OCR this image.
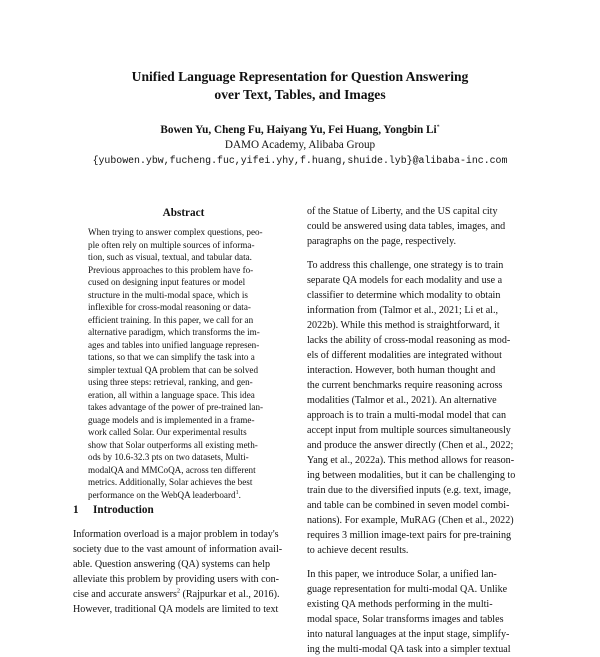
Unified Language Representation for Question Answering
over Text, Tables, and Images
Bowen Yu, Cheng Fu, Haiyang Yu, Fei Huang, Yongbin Li*
DAMO Academy, Alibaba Group
{yubowen.ybw,fucheng.fuc,yifei.yhy,f.huang,shuide.lyb}@alibaba-inc.com
Abstract
When trying to answer complex questions, peo-
ple often rely on multiple sources of informa-
tion, such as visual, textual, and tabular data.
Previous approaches to this problem have fo-
cused on designing input features or model
structure in the multi-modal space, which is
inflexible for cross-modal reasoning or data-
efficient training. In this paper, we call for an
alternative paradigm, which transforms the im-
ages and tables into unified language represen-
tations, so that we can simplify the task into a
simpler textual QA problem that can be solved
using three steps: retrieval, ranking, and gen-
eration, all within a language space. This idea
takes advantage of the power of pre-trained lan-
guage models and is implemented in a frame-
work called Solar. Our experimental results
show that Solar outperforms all existing meth-
ods by 10.6-32.3 pts on two datasets, Multi-
modalQA and MMCoQA, across ten different
metrics. Additionally, Solar achieves the best
performance on the WebQA leaderboard$^1$.
1 Introduction
Information overload is a major problem in today's
society due to the vast amount of information avail-
able. Question answering (QA) systems can help
alleviate this problem by providing users with con-
cise and accurate answers$^2$ (Rajpurkar et al., 2016).
However, traditional QA models are limited to text
of the Statue of Liberty, and the US capital city
could be answered using data tables, images, and
paragraphs on the page, respectively.
To address this challenge, one strategy is to train
separate QA models for each modality and use a
classifier to determine which modality to obtain
information from (Talmor et al., 2021; Li et al.,
2022b). While this method is straightforward, it
lacks the ability of cross-modal reasoning as mod-
els of different modalities are integrated without
interaction. However, both human thought and
the current benchmarks require reasoning across
modalities (Talmor et al., 2021). An alternative
approach is to train a multi-modal model that can
accept input from multiple sources simultaneously
and produce the answer directly (Chen et al., 2022;
Yang et al., 2022a). This method allows for reason-
ing between modalities, but it can be challenging to
train due to the diversified inputs (e.g. text, image,
and table can be combined in seven model combi-
nations). For example, MuRAG (Chen et al., 2022)
requires 3 million image-text pairs for pre-training
to achieve decent results.
In this paper, we introduce Solar, a unified lan-
guage representation for multi-modal QA. Unlike
existing QA methods performing in the multi-
modal space, Solar transforms images and tables
into natural languages at the input stage, simplify-
ing the multi-modal QA task into a simpler textual
